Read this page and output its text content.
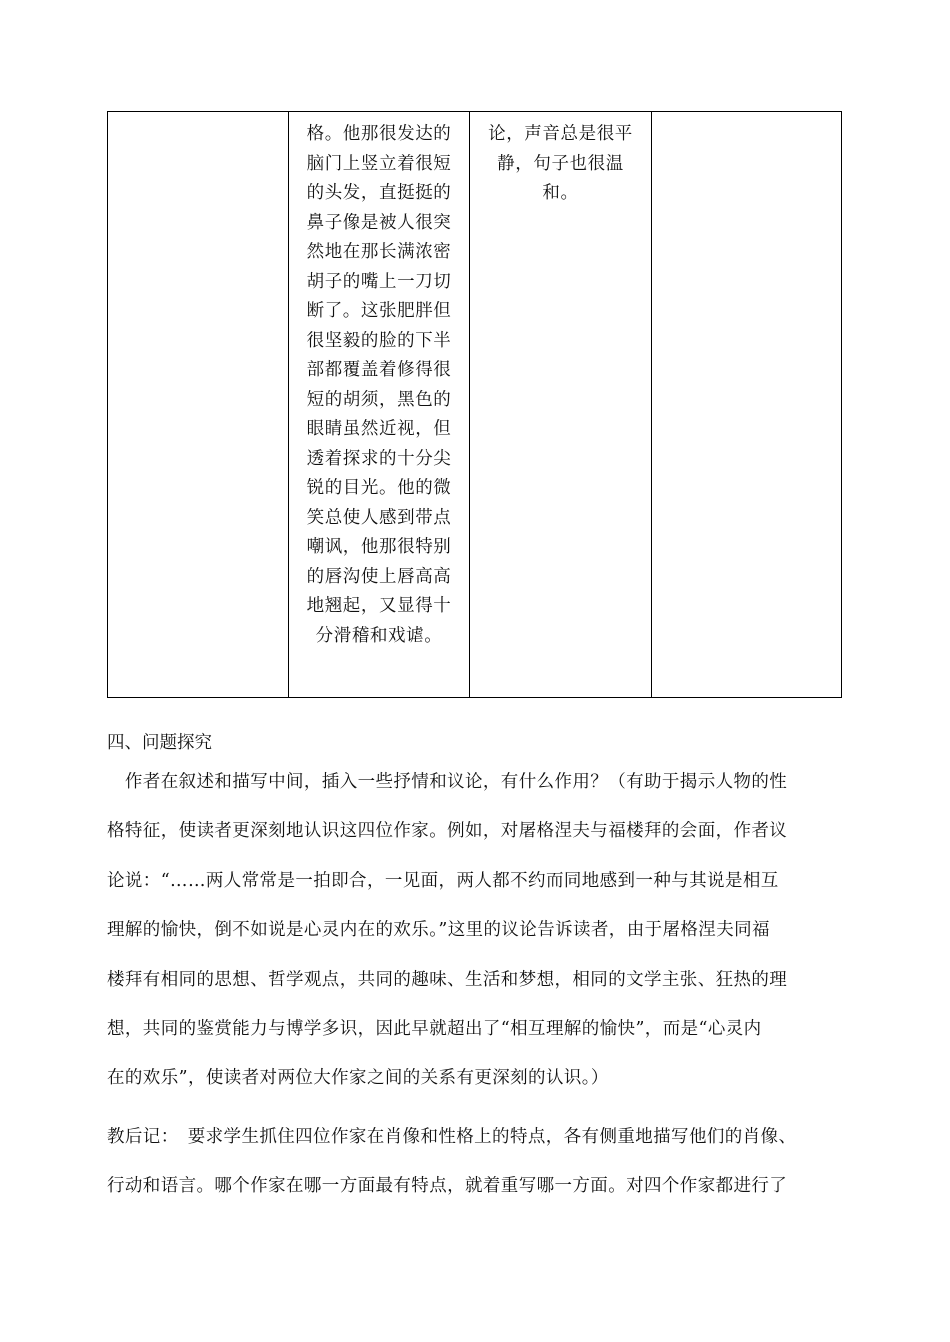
格。他那很发达的
脑门上竖立着很短
的头发，直挺挺的
鼻子像是被人很突
然地在那长满浓密
胡子的嘴上一刀切
断了。这张肥胖但
很坚毅的脸的下半
部都覆盖着修得很
短的胡须，黑色的
眼睛虽然近视，但
透着探求的十分尖
锐的目光。他的微
笑总使人感到带点
嘲讽，他那很特别
的唇沟使上唇高高
地翘起，又显得十
分滑稽和戏谑。
论，声音总是很平
静，句子也很温
和。
四、问题探究
　作者在叙述和描写中间，插入一些抒情和议论，有什么作用？（有助于揭示人物的性
格特征，使读者更深刻地认识这四位作家。例如，对屠格涅夫与福楼拜的会面，作者议
论说：“……两人常常是一拍即合，一见面，两人都不约而同地感到一种与其说是相互
理解的愉快，倒不如说是心灵内在的欢乐。”这里的议论告诉读者，由于屠格涅夫同福
楼拜有相同的思想、哲学观点，共同的趣味、生活和梦想，相同的文学主张、狂热的理
想，共同的鉴赏能力与博学多识，因此早就超出了“相互理解的愉快”，而是“心灵内
在的欢乐”，使读者对两位大作家之间的关系有更深刻的认识。）
教后记：　要求学生抓住四位作家在肖像和性格上的特点，各有侧重地描写他们的肖像、
行动和语言。哪个作家在哪一方面最有特点，就着重写哪一方面。对四个作家都进行了
